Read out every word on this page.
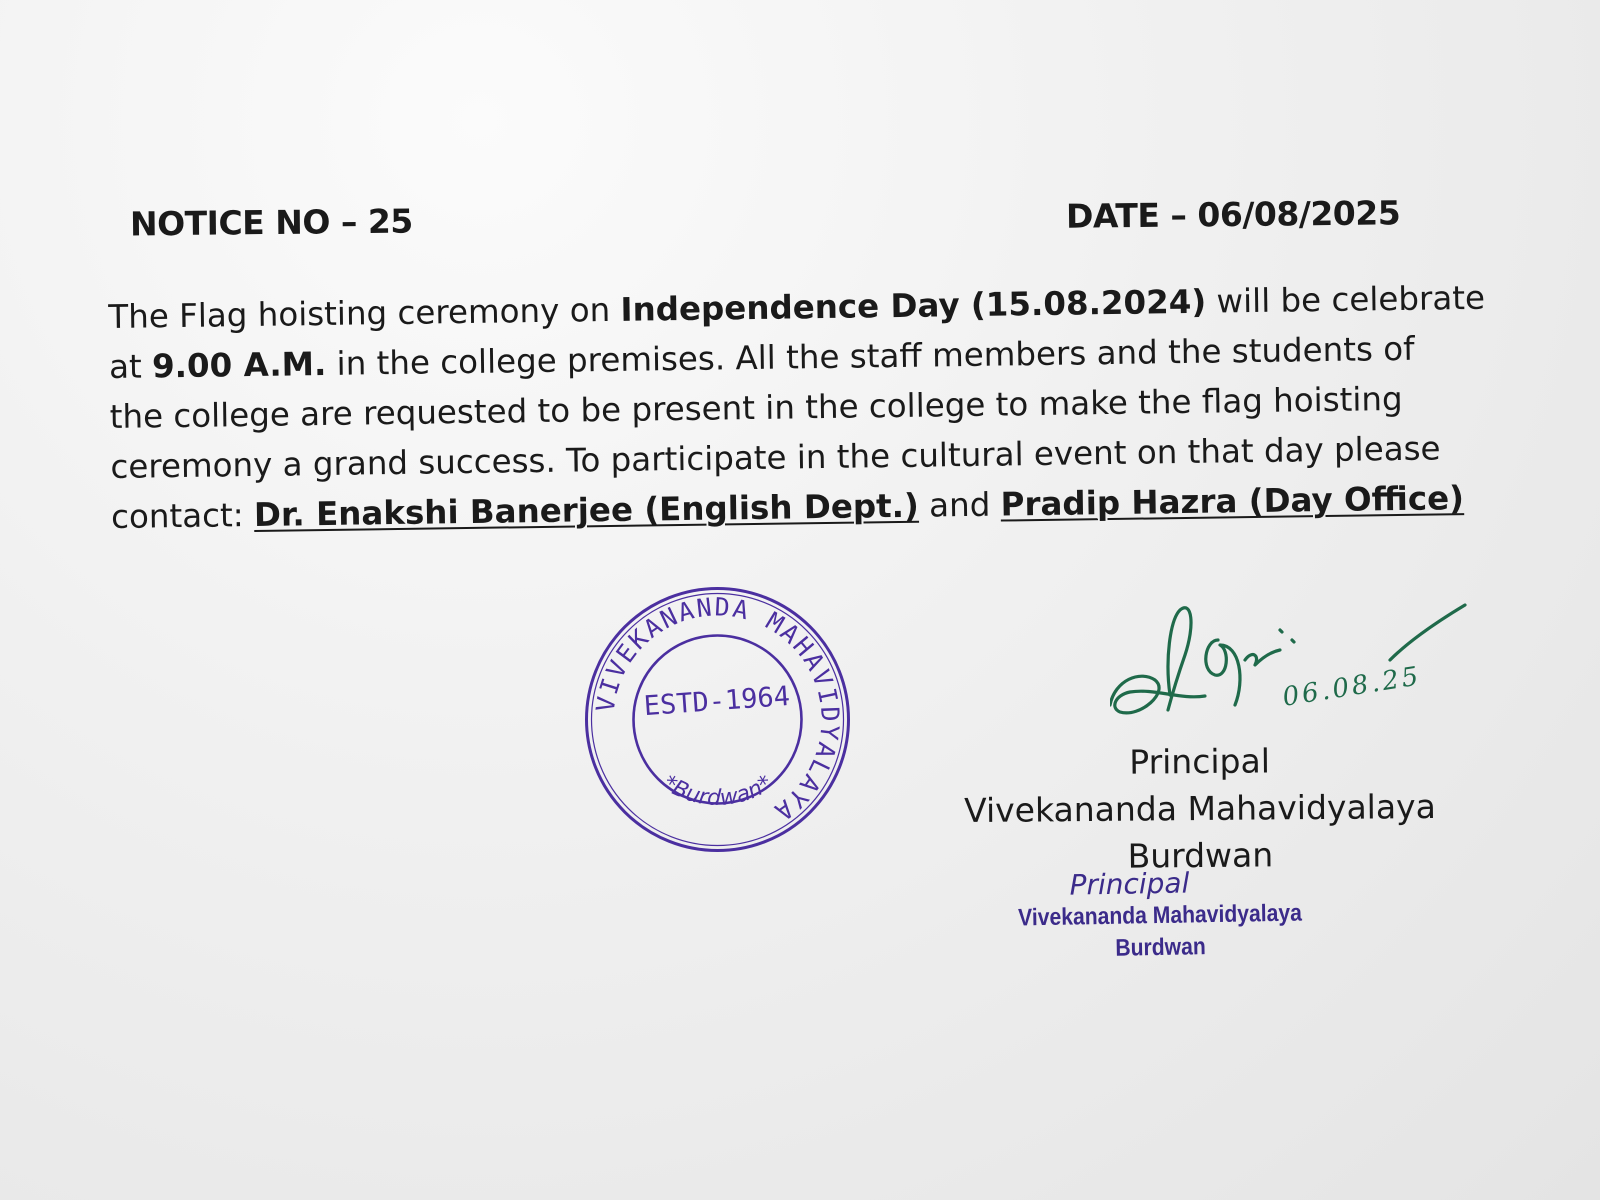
NOTICE NO – 25	DATE – 06/08/2025
The Flag hoisting ceremony on Independence Day (15.08.2024) will be celebrate
at 9.00 A.M. in the college premises. All the staff members and the students of
the college are requested to be present in the college to make the flag hoisting
ceremony a grand success. To participate in the cultural event on that day please
contact: Dr. Enakshi Banerjee (English Dept.) and Pradip Hazra (Day Office)
VIVEKANANDA MAHAVIDYALAYA
*Burdwan*
ESTD-1964	06.08.25
Principal
Vivekananda Mahavidyalaya
Burdwan
Principal
Vivekananda Mahavidyalaya
Burdwan
